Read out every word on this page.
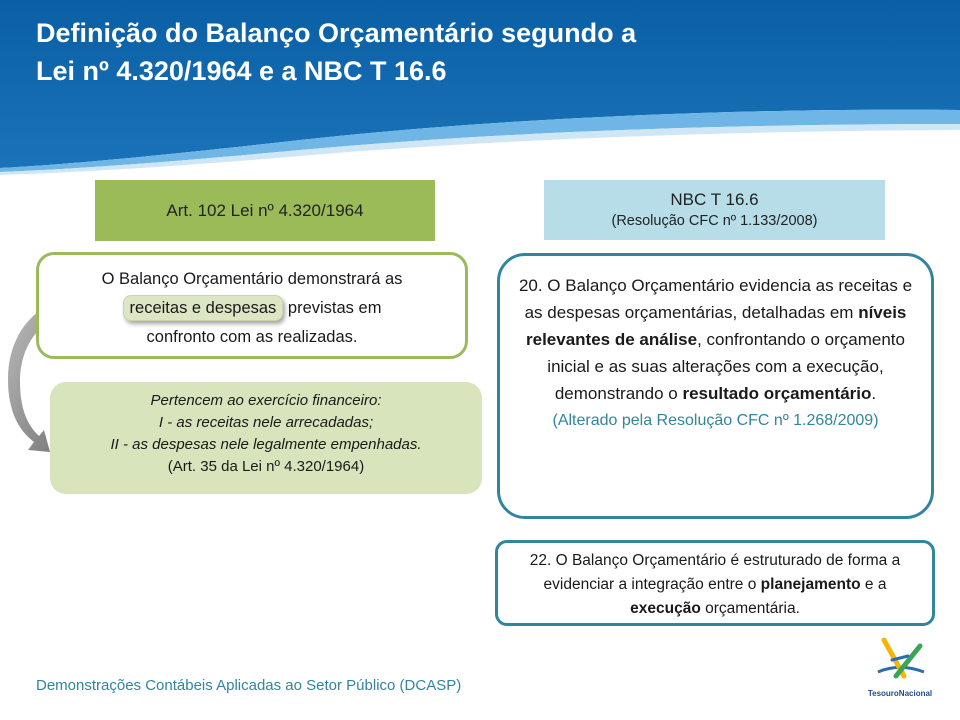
Definição do Balanço Orçamentário segundo a
Lei nº 4.320/1964 e a NBC T 16.6
Art. 102 Lei nº 4.320/1964
NBC T 16.6
(Resolução CFC nº 1.133/2008)
O Balanço Orçamentário demonstrará as
receitas e despesas previstas em
confronto com as realizadas.
Pertencem ao exercício financeiro:
I - as receitas nele arrecadadas;
II - as despesas nele legalmente empenhadas.
(Art. 35 da Lei nº 4.320/1964)
20. O Balanço Orçamentário evidencia as receitas e as despesas orçamentárias, detalhadas em níveis relevantes de análise, confrontando o orçamento inicial e as suas alterações com a execução, demonstrando o resultado orçamentário.
(Alterado pela Resolução CFC nº 1.268/2009)
22. O Balanço Orçamentário é estruturado de forma a evidenciar a integração entre o planejamento e a execução orçamentária.
Demonstrações Contábeis Aplicadas ao Setor Público (DCASP)	TesouroNacional
